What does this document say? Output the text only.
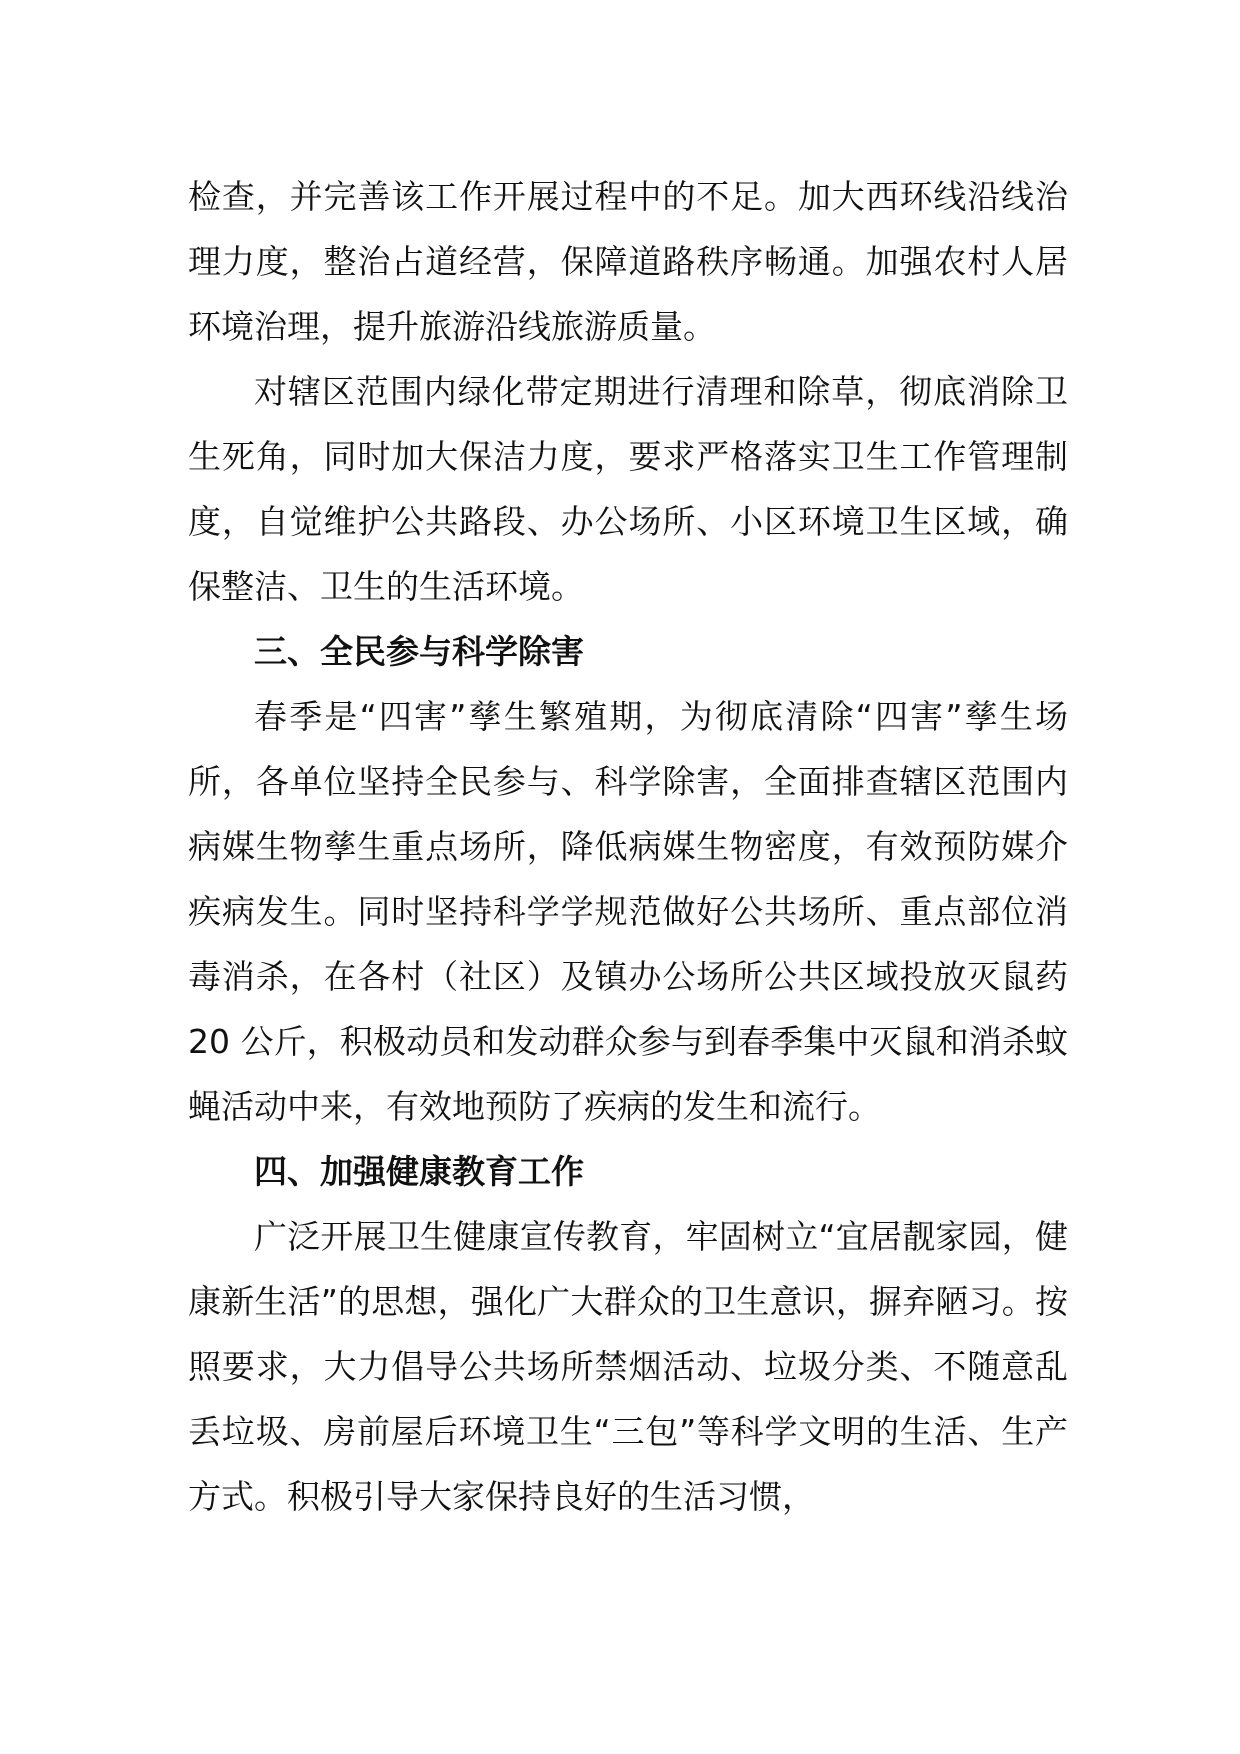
检查，并完善该工作开展过程中的不足。加大西环线沿线治理力度，整治占道经营，保障道路秩序畅通。加强农村人居环境治理，提升旅游沿线旅游质量。

对辖区范围内绿化带定期进行清理和除草，彻底消除卫生死角，同时加大保洁力度，要求严格落实卫生工作管理制度，自觉维护公共路段、办公场所、小区环境卫生区域，确保整洁、卫生的生活环境。

三、全民参与科学除害

春季是“四害”孳生繁殖期，为彻底清除“四害”孳生场所，各单位坚持全民参与、科学除害，全面排查辖区范围内病媒生物孳生重点场所，降低病媒生物密度，有效预防媒介疾病发生。同时坚持科学学规范做好公共场所、重点部位消毒消杀，在各村（社区）及镇办公场所公共区域投放灭鼠药 20 公斤，积极动员和发动群众参与到春季集中灭鼠和消杀蚊蝇活动中来，有效地预防了疾病的发生和流行。

四、加强健康教育工作

广泛开展卫生健康宣传教育，牢固树立“宜居靓家园，健康新生活”的思想，强化广大群众的卫生意识，摒弃陋习。按照要求，大力倡导公共场所禁烟活动、垃圾分类、不随意乱丢垃圾、房前屋后环境卫生“三包”等科学文明的生活、生产方式。积极引导大家保持良好的生活习惯，
